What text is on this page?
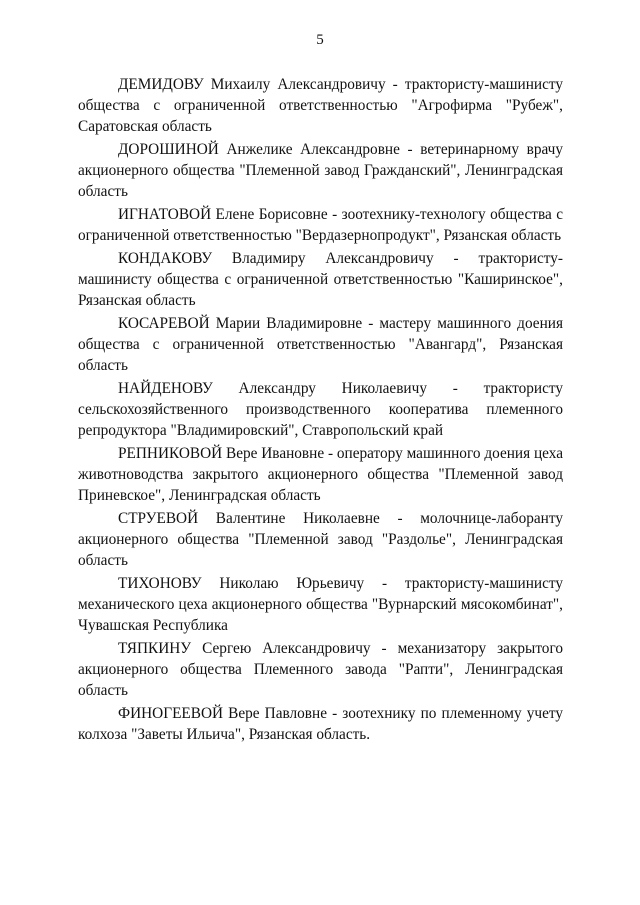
5

ДЕМИДОВУ Михаилу Александровичу - трактористу-машинисту общества с ограниченной ответственностью "Агрофирма "Рубеж", Саратовская область

ДОРОШИНОЙ Анжелике Александровне - ветеринарному врачу акционерного общества "Племенной завод Гражданский", Ленинградская область

ИГНАТОВОЙ Елене Борисовне - зоотехнику-технологу общества с ограниченной ответственностью "Вердазернопродукт", Рязанская область

КОНДАКОВУ Владимиру Александровичу - трактористу-машинисту общества с ограниченной ответственностью "Каширинское", Рязанская область

КОСАРЕВОЙ Марии Владимировне - мастеру машинного доения общества с ограниченной ответственностью "Авангард", Рязанская область

НАЙДЕНОВУ Александру Николаевичу - трактористу сельскохозяйственного производственного кооператива племенного репродуктора "Владимировский", Ставропольский край

РЕПНИКОВОЙ Вере Ивановне - оператору машинного доения цеха животноводства закрытого акционерного общества "Племенной завод Приневское", Ленинградская область

СТРУЕВОЙ Валентине Николаевне - молочнице-лаборанту акционерного общества "Племенной завод "Раздолье", Ленинградская область

ТИХОНОВУ Николаю Юрьевичу - трактористу-машинисту механического цеха акционерного общества "Вурнарский мясокомбинат", Чувашская Республика

ТЯПКИНУ Сергею Александровичу - механизатору закрытого акционерного общества Племенного завода "Рапти", Ленинградская область

ФИНОГЕЕВОЙ Вере Павловне - зоотехнику по племенному учету колхоза "Заветы Ильича", Рязанская область.
